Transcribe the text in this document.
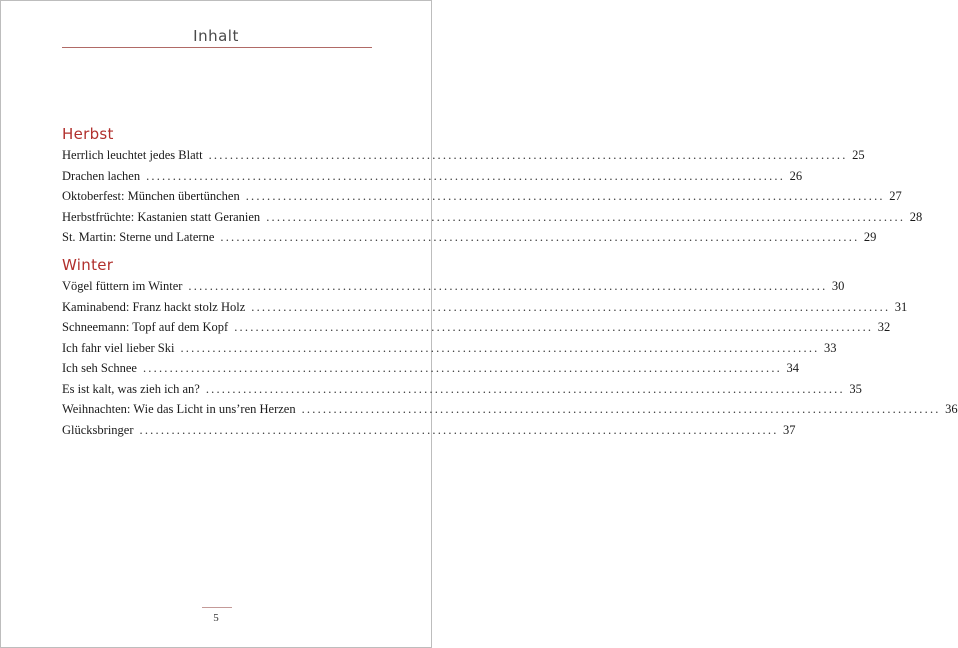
Inhalt
Herbst
Herrlich leuchtet jedes Blatt ........................................................................................................................ 25
Drachen lachen ........................................................................................................................ 26
Oktoberfest: München übertünchen ........................................................................................................................ 27
Herbstfrüchte: Kastanien statt Geranien ........................................................................................................................ 28
St. Martin: Sterne und Laterne ........................................................................................................................ 29
Winter
Vögel füttern im Winter ........................................................................................................................ 30
Kaminabend: Franz hackt stolz Holz ........................................................................................................................ 31
Schneemann: Topf auf dem Kopf ........................................................................................................................ 32
Ich fahr viel lieber Ski ........................................................................................................................ 33
Ich seh Schnee ........................................................................................................................ 34
Es ist kalt, was zieh ich an? ........................................................................................................................ 35
Weihnachten: Wie das Licht in uns’ren Herzen ........................................................................................................................ 36
Glücksbringer ........................................................................................................................ 37
5
